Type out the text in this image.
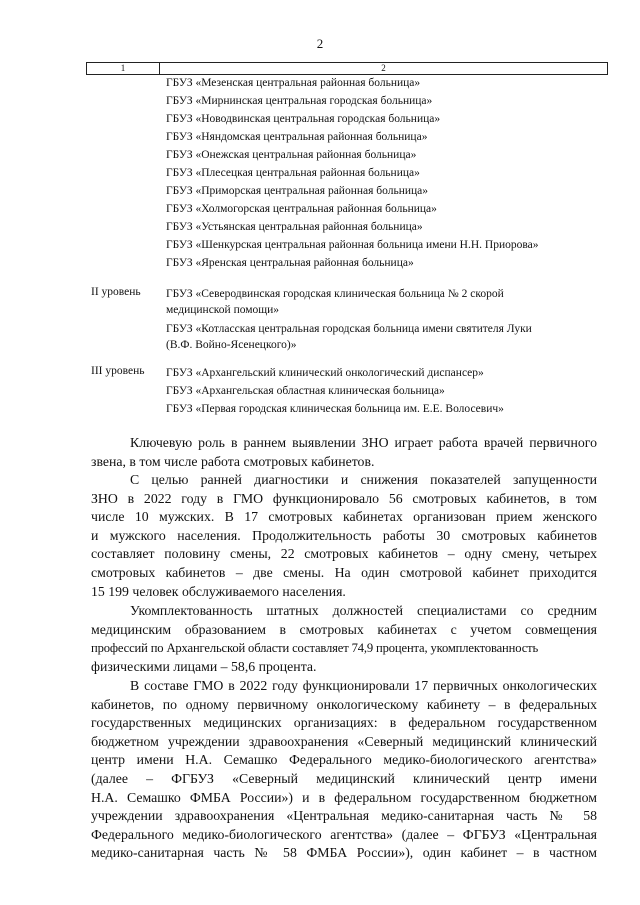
2
1	2
ГБУЗ «Мезенская центральная районная больница»
ГБУЗ «Мирнинская центральная городская больница»
ГБУЗ «Новодвинская центральная городская больница»
ГБУЗ «Няндомская центральная районная больница»
ГБУЗ «Онежская центральная районная больница»
ГБУЗ «Плесецкая центральная районная больница»
ГБУЗ «Приморская центральная районная больница»
ГБУЗ «Холмогорская центральная районная больница»
ГБУЗ «Устьянская центральная районная больница»
ГБУЗ «Шенкурская центральная районная больница имени Н.Н. Приорова»
ГБУЗ «Яренская центральная районная больница»
II уровень ГБУЗ «Северодвинская городская клиническая больница № 2 скорой
медицинской помощи»
ГБУЗ «Котласская центральная городская больница имени святителя Луки
(В.Ф. Войно-Ясенецкого)»
III уровень ГБУЗ «Архангельский клинический онкологический диспансер»
ГБУЗ «Архангельская областная клиническая больница»
ГБУЗ «Первая городская клиническая больница им. Е.Е. Волосевич»
Ключевую роль в раннем выявлении ЗНО играет работа врачей первичного
звена, в том числе работа смотровых кабинетов.
С целью ранней диагностики и снижения показателей запущенности
ЗНО в 2022 году в ГМО функционировало 56 смотровых кабинетов, в том
числе 10 мужских. В 17 смотровых кабинетах организован прием женского
и мужского населения. Продолжительность работы 30 смотровых кабинетов
составляет половину смены, 22 смотровых кабинетов – одну смену, четырех
смотровых кабинетов – две смены. На один смотровой кабинет приходится
15 199 человек обслуживаемого населения.
Укомплектованность штатных должностей специалистами со средним
медицинским образованием в смотровых кабинетах с учетом совмещения
профессий по Архангельской области составляет 74,9 процента, укомплектованность
физическими лицами – 58,6 процента.
В составе ГМО в 2022 году функционировали 17 первичных онкологических
кабинетов, по одному первичному онкологическому кабинету – в федеральных
государственных медицинских организациях: в федеральном государственном
бюджетном учреждении здравоохранения «Северный медицинский клинический
центр имени Н.А. Семашко Федерального медико-биологического агентства»
(далее – ФГБУЗ «Северный медицинский клинический центр имени
Н.А. Семашко ФМБА России») и в федеральном государственном бюджетном
учреждении здравоохранения «Центральная медико-санитарная часть № 58
Федерального медико-биологического агентства» (далее – ФГБУЗ «Центральная
медико-санитарная часть № 58 ФМБА России»), один кабинет – в частном
